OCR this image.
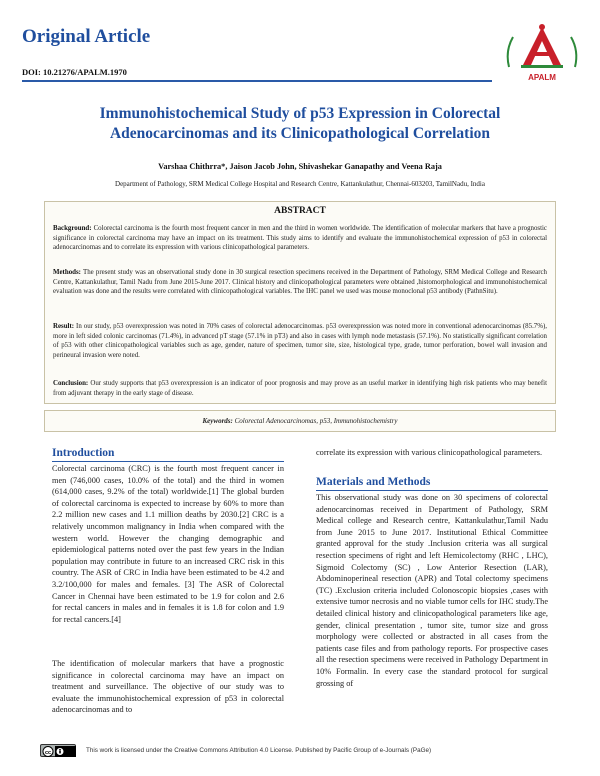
Original Article
DOI: 10.21276/APALM.1970
APALM
Immunohistochemical Study of p53 Expression in Colorectal
Adenocarcinomas and its Clinicopathological Correlation
Varshaa Chithrra*, Jaison Jacob John, Shivashekar Ganapathy and Veena Raja
Department of Pathology, SRM Medical College Hospital and Research Centre, Kattankulathur, Chennai-603203, TamilNadu, India
ABSTRACT
Background: Colorectal carcinoma is the fourth most frequent cancer in men and the third in women worldwide. The identification of molecular markers that have a prognostic significance in colorectal carcinoma may have an impact on its treatment. This study aims to identify and evaluate the immunohistochemical expression of p53 in colorectal adenocarcinomas and to correlate its expression with various clinicopathological parameters.
Methods: The present study was an observational study done in 30 surgical resection specimens received in the Department of Pathology, SRM Medical College and Research Centre, Kattankulathur, Tamil Nadu from June 2015-June 2017. Clinical history and clinicopathological parameters were obtained ,histomorphological and immunohistochemical evaluation was done and the results were correlated with clinicopathological variables. The IHC panel we used was mouse monoclonal p53 antibody (PathnSitu).
Result: In our study, p53 overexpression was noted in 70% cases of colorectal adenocarcinomas. p53 overexpression was noted more in conventional adenocarcinomas (85.7%), more in left sided colonic carcinomas (71.4%), in advanced pT stage (57.1% in pT3) and also in cases with lymph node metastasis (57.1%). No statistically significant correlation of p53 with other clinicopathological variables such as age, gender, nature of specimen, tumor site, size, histological type, grade, tumor perforation, bowel wall invasion and perineural invasion were noted.
Conclusion: Our study supports that p53 overexpression is an indicator of poor prognosis and may prove as an useful marker in identifying high risk patients who may benefit from adjuvant therapy in the early stage of disease.
Keywords: Colorectal Adenocarcinomas, p53, Immunohistochemistry
Introduction
Colorectal carcinoma (CRC) is the fourth most frequent cancer in men (746,000 cases, 10.0% of the total) and the third in women (614,000 cases, 9.2% of the total) worldwide.[1] The global burden of colorectal carcinoma is expected to increase by 60% to more than 2.2 million new cases and 1.1 million deaths by 2030.[2] CRC is a relatively uncommon malignancy in India when compared with the western world. However the changing demographic and epidemiological patterns noted over the past few years in the Indian population may contribute in future to an increased CRC risk in this country. The ASR of CRC in India have been estimated to be 4.2 and 3.2/100,000 for males and females. [3] The ASR of Colorectal Cancer in Chennai have been estimated to be 1.9 for colon and 2.6 for rectal cancers in males and in females it is 1.8 for colon and 1.9 for rectal cancers.[4]
The identification of molecular markers that have a prognostic significance in colorectal carcinoma may have an impact on treatment and surveillance. The objective of our study was to evaluate the immunohistochemical expression of p53 in colorectal adenocarcinomas and to
correlate its expression with various clinicopathological parameters.
Materials and Methods
This observational study was done on 30 specimens of colorectal adenocarcinomas received in Department of Pathology, SRM Medical college and Research centre, Kattankulathur,Tamil Nadu from June 2015 to June 2017. Institutional Ethical Committee granted approval for the study .Inclusion criteria was all surgical resection specimens of right and left Hemicolectomy (RHC , LHC), Sigmoid Colectomy (SC) , Low Anterior Resection (LAR), Abdominoperineal resection (APR) and Total colectomy specimens (TC) .Exclusion criteria included Colonoscopic biopsies ,cases with extensive tumor necrosis and no viable tumor cells for IHC study.The detailed clinical history and clinicopathological parameters like age, gender, clinical presentation , tumor site, tumor size and gross morphology were collected or abstracted in all cases from the patients case files and from pathology reports. For prospective cases all the resection specimens were received in Pathology Department in 10% Formalin. In every case the standard protocol for surgical grossing of
cc	This work is licensed under the Creative Commons Attribution 4.0 License. Published by Pacific Group of e-Journals (PaGe)
